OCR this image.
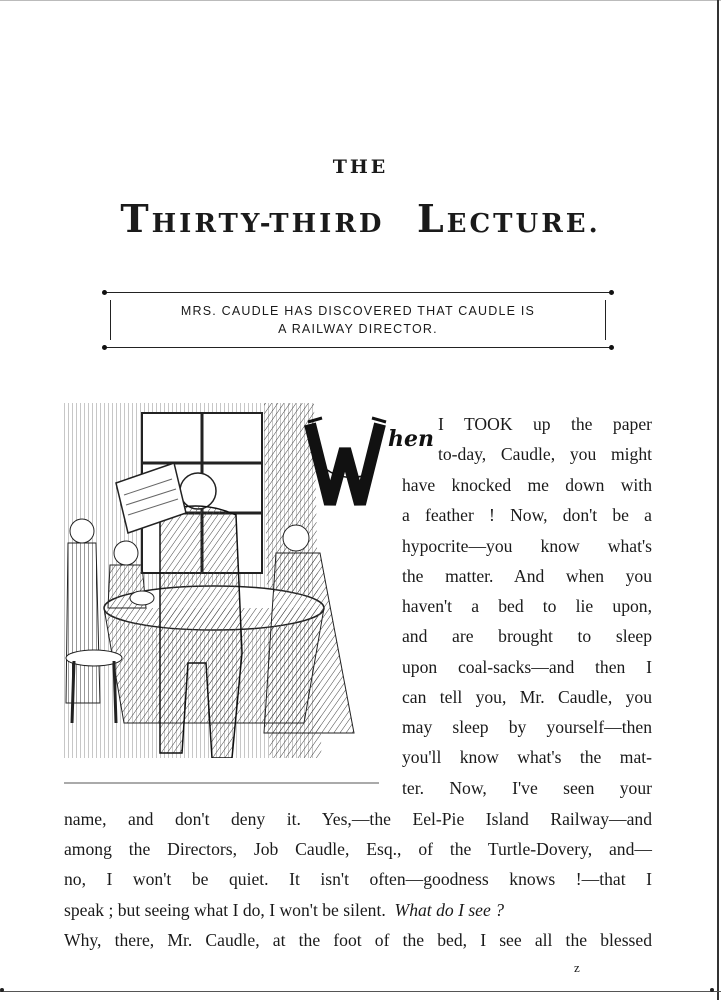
THE
THIRTY-THIRD LECTURE.
MRS. CAUDLE HAS DISCOVERED THAT CAUDLE IS
A RAILWAY DIRECTOR.
hen
I TOOK up the paper
to-day, Caudle, you might
have knocked me down with
a feather ! Now, don't be a
hypocrite—you know what's
the matter. And when you
haven't a bed to lie upon,
and are brought to sleep
upon coal-sacks—and then I
can tell you, Mr. Caudle, you
may sleep by yourself—then
you'll know what's the mat-
ter. Now, I've seen your
name, and don't deny it. Yes,—the Eel-Pie Island Railway—and
among the Directors, Job Caudle, Esq., of the Turtle-Dovery, and—
no, I won't be quiet. It isn't often—goodness knows !—that I
speak ; but seeing what I do, I won't be silent. What do I see ?
Why, there, Mr. Caudle, at the foot of the bed, I see all the blessed
z
